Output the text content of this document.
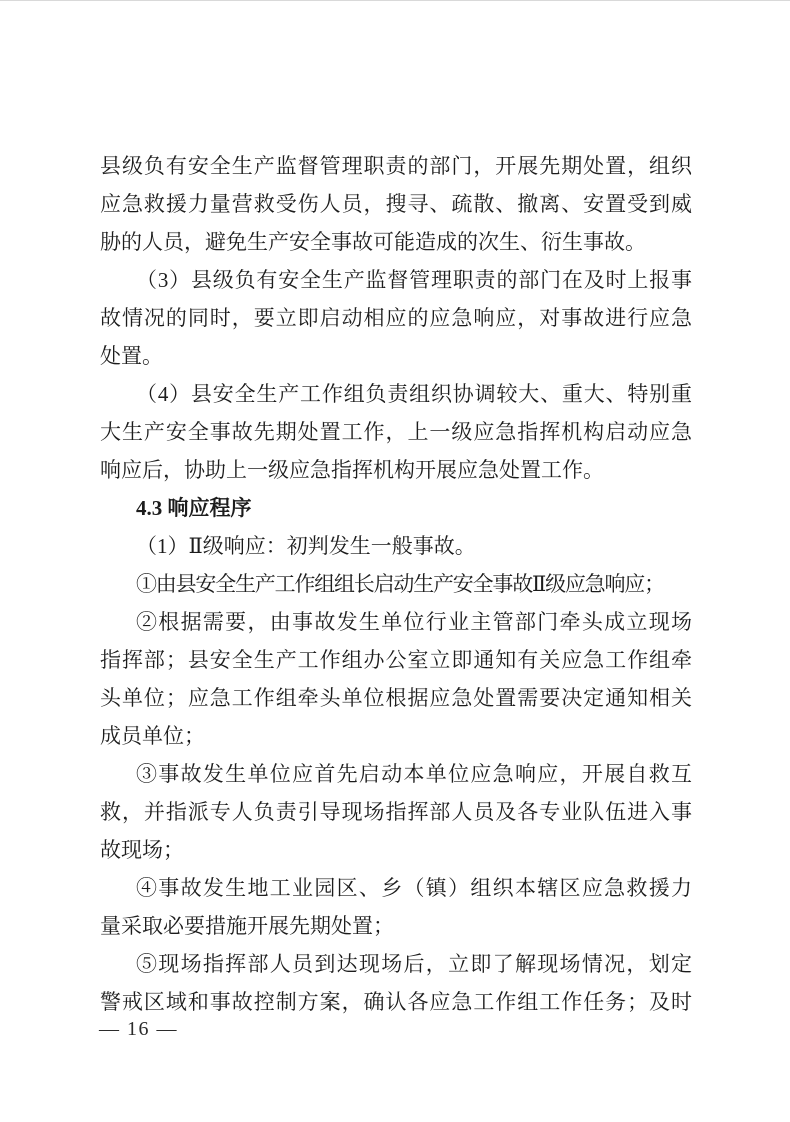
县级负有安全生产监督管理职责的部门，开展先期处置，组织
应急救援力量营救受伤人员，搜寻、疏散、撤离、安置受到威
胁的人员，避免生产安全事故可能造成的次生、衍生事故。
（3）县级负有安全生产监督管理职责的部门在及时上报事
故情况的同时，要立即启动相应的应急响应，对事故进行应急
处置。
（4）县安全生产工作组负责组织协调较大、重大、特别重
大生产安全事故先期处置工作，上一级应急指挥机构启动应急
响应后，协助上一级应急指挥机构开展应急处置工作。
4.3 响应程序
（1）Ⅱ级响应：初判发生一般事故。
①由县安全生产工作组组长启动生产安全事故Ⅱ级应急响应；
②根据需要，由事故发生单位行业主管部门牵头成立现场
指挥部；县安全生产工作组办公室立即通知有关应急工作组牵
头单位；应急工作组牵头单位根据应急处置需要决定通知相关
成员单位；
③事故发生单位应首先启动本单位应急响应，开展自救互
救，并指派专人负责引导现场指挥部人员及各专业队伍进入事
故现场；
④事故发生地工业园区、乡（镇）组织本辖区应急救援力
量采取必要措施开展先期处置；
⑤现场指挥部人员到达现场后，立即了解现场情况，划定
警戒区域和事故控制方案，确认各应急工作组工作任务；及时
— 16 —
